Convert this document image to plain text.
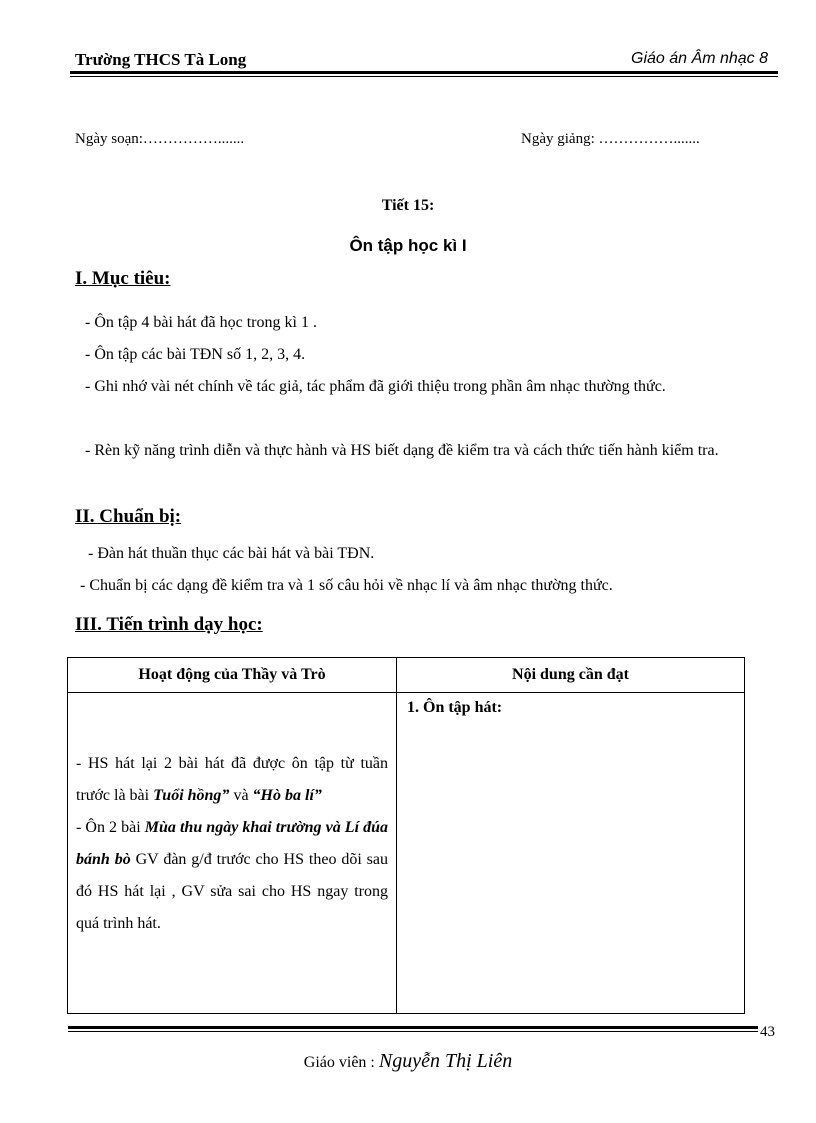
Trường THCS Tà Long	Giáo án Âm nhạc 8
Ngày soạn:…………….......	Ngày giảng: …………….......
Tiết 15:
Ôn tập học kì I
I. Mục tiêu:
- Ôn tập 4 bài hát đã học trong kì 1 .
- Ôn tập các bài TĐN số 1, 2, 3, 4.
- Ghi nhớ vài nét chính về tác giả, tác phẩm đã giới thiệu trong phần âm nhạc thường thức.
- Rèn kỹ năng trình diễn và thực hành và HS biết dạng đề kiểm tra và cách thức tiến hành kiểm tra.
II. Chuẩn bị:
- Đàn hát thuần thục các bài hát và bài TĐN.
- Chuẩn bị các dạng đề kiểm tra và 1 số câu hỏi về nhạc lí và âm nhạc thường thức.
III. Tiến trình dạy học:
Hoạt động của Thầy và Trò	Nội dung cần đạt

- HS hát lại 2 bài hát đã được ôn tập từ tuần trước là bài Tuổi hồng” và “Hò ba lí”
- Ôn 2 bài Mùa thu ngày khai trường và Lí đúa bánh bò GV đàn g/đ trước cho HS theo dõi sau đó HS hát lại , GV sửa sai cho HS ngay trong quá trình hát.	1. Ôn tập hát:
43
Giáo viên : Nguyễn Thị Liên
